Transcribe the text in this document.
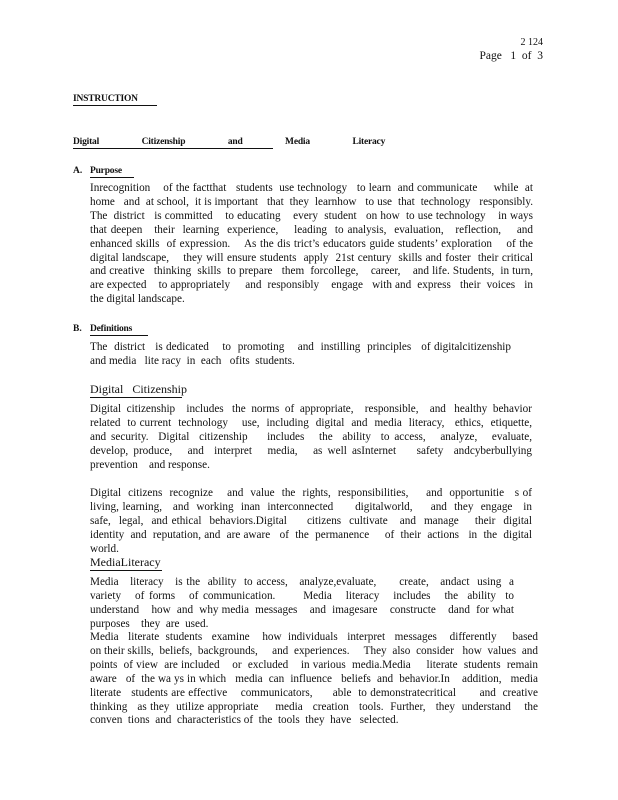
2 124
Page   1  of  3
INSTRUCTION
Digital   Citizenship   and   Media   Literacy
A. Purpose
Inrecognition    of the factthat   students  use technology   to learn  and communicate     while  at home   and  at school,  it is important   that  they  learnhow   to use  that  technology   responsibly.  The  district   is committed    to educating    every  student   on how  to use technology    in ways  that deepen   their  learning  experience,    leading  to analysis,  evaluation,   reflection,    and enhanced skills  of expression.    As the dis trict’s educators guide students’ exploration    of the digital landscape,    they will ensure students  apply  21st century  skills and foster  their critical   and creative   thinking  skills  to prepare   them  forcollege,    career,    and life. Students,  in turn, are expected    to appropriately     and  responsibly    engage   with and  express   their  voices   in the digital landscape.
B. Definitions
The  district   is dedicated    to  promoting    and  instilling  principles   of digitalcitizenship      and media   lite racy  in  each   ofits  students.
Digital   Citizenship
Digital  citizenship    includes   the  norms  of  appropriate,    responsible,    and   healthy  behavior related  to current  technology    use,  including  digital  and  media  literacy,   ethics,  etiquette,    and security.  Digital  citizenship    includes   the  ability  to access,   analyze,   evaluate,    develop, produce,   and  interpret   media,   as well asInternet    safety  andcyberbullying       prevention    and response.
Digital  citizens  recognize    and  value  the  rights,  responsibilities,     and  opportunitie   s of living, learning,   and  working  inan  interconnected      digitalworld,     and  they  engage   in  safe,  legal,  and ethical  behaviors.Digital     citizens  cultivate   and  manage    their  digital  identity  and  reputation, and  are aware   of  the  permanence     of  their  actions   in  the  digital   world.
MediaLiteracy
Media   literacy   is the  ability  to access,   analyze,evaluate,      create,   andact  using  a variety   of forms   of communication.      Media   literacy   includes   the  ability  to understand    how  and  why media  messages    and  imagesare    constructe    dand  for what  purposes    they  are  used.
Media   literate  students   examine    how  individuals   interpret   messages    differently     based  on their skills,  beliefs,  backgrounds,     and  experiences.     They  also  consider   how  values  and  points  of view  are included    or  excluded    in various  media.Media     literate  students  remain   aware   of  the wa ys in which   media  can  influence   beliefs  and  behavior.In    addition,   media   literate   students are effective    communicators,      able  to demonstratecritical       and  creative   thinking   as they  utilize appropriate     media   creation   tools.  Further,   they  understand    the  conven  tions  and  characteristics of  the  tools  they  have   selected.
